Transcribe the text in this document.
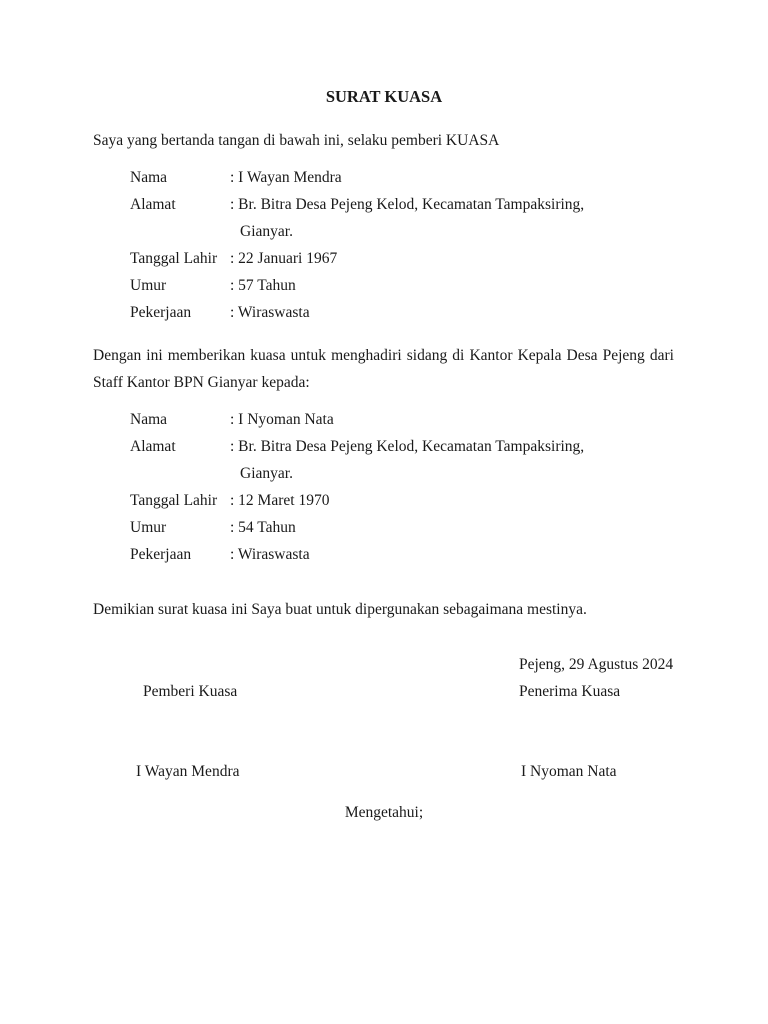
SURAT KUASA
Saya yang bertanda tangan di bawah ini, selaku pemberi KUASA
Nama	: I Wayan Mendra
Alamat	: Br. Bitra Desa Pejeng Kelod, Kecamatan Tampaksiring,
Gianyar.
Tanggal Lahir : 22 Januari 1967
Umur	: 57 Tahun
Pekerjaan	: Wiraswasta
Dengan ini memberikan kuasa untuk menghadiri sidang di Kantor Kepala Desa Pejeng dari Staff Kantor BPN Gianyar kepada:
Nama	: I Nyoman Nata
Alamat	: Br. Bitra Desa Pejeng Kelod, Kecamatan Tampaksiring,
Gianyar.
Tanggal Lahir : 12 Maret 1970
Umur	: 54 Tahun
Pekerjaan	: Wiraswasta
Demikian surat kuasa ini Saya buat untuk dipergunakan sebagaimana mestinya.
Pejeng, 29 Agustus 2024
Pemberi Kuasa	Penerima Kuasa
I Wayan Mendra	I Nyoman Nata
Mengetahui;
